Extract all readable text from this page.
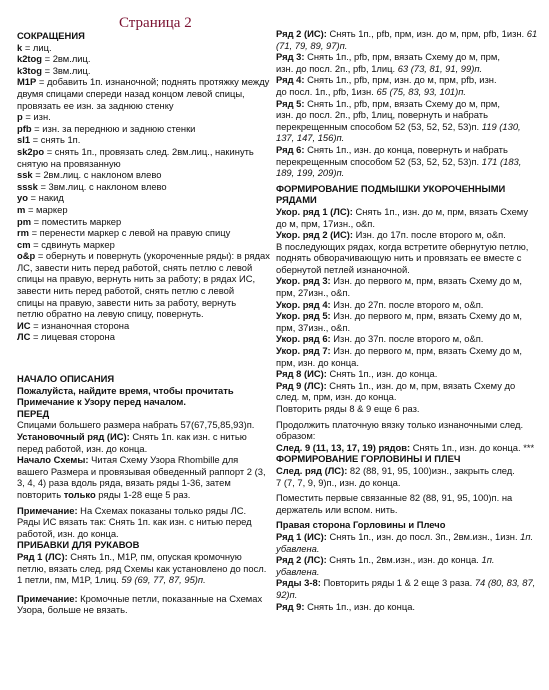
Страница 2
СОКРАЩЕНИЯ
k = лиц.
k2tog = 2вм.лиц.
k3tog = 3вм.лиц.
M1P = добавить 1п. изнаночной; поднять протяжку между
двумя спицами спереди назад концом левой спицы,
провязать ее изн. за заднюю стенку
p = изн.
pfb = изн. за переднюю и заднюю стенки
sl1 = снять 1п.
sk2po = снять 1п., провязать след. 2вм.лиц., накинуть
снятую на провязанную
ssk = 2вм.лиц. с наклоном влево
sssk = 3вм.лиц. с наклоном влево
yo = накид
m = маркер
pm = поместить маркер
rm = перенести маркер с левой на правую спицу
cm = сдвинуть маркер
o&p = обернуть и повернуть (укороченные ряды): в рядах
ЛС, завести нить перед работой, снять петлю с левой
спицы на правую, вернуть нить за работу; в рядах ИС,
завести нить перед работой, снять петлю с левой
спицы на правую, завести нить за работу, вернуть
петлю обратно на левую спицу, повернуть.
ИС = изнаночная сторона
ЛС = лицевая сторона
НАЧАЛО ОПИСАНИЯ
Пожалуйста, найдите время, чтобы прочитать
Примечание к Узору перед началом.
ПЕРЕД
Спицами большего размера набрать 57(67,75,85,93)п.
Установочный ряд (ИС): Снять 1п. как изн. с нитью
перед работой, изн. до конца.
Начало Схемы: Читая Схему Узора Rhombille для
вашего Размера и провязывая обведенный раппорт 2 (3,
3, 4, 4) раза вдоль ряда, вязать ряды 1-36, затем
повторить только ряды 1-28 еще 5 раз.
Примечание: На Схемах показаны только ряды ЛС.
Ряды ИС вязать так: Снять 1п. как изн. с нитью перед
работой, изн. до конца.
ПРИБАВКИ ДЛЯ РУКАВОВ
Ряд 1 (ЛС): Снять 1п., M1P, пм, опуская кромочную
петлю, вязать след. ряд Схемы как установлено до посл.
1 петли, пм, M1P, 1лиц. 59 (69, 77, 87, 95)п.
Примечание: Кромочные петли, показанные на Схемах
Узора, больше не вязать.
Ряд 2 (ИС): Снять 1п., pfb, прм, изн. до м, прм, pfb, 1изн. 61
(71, 79, 89, 97)п.
Ряд 3: Снять 1п., pfb, прм, вязать Схему до м, прм,
изн. до посл. 2п., pfb, 1лиц. 63 (73, 81, 91, 99)п.
Ряд 4: Снять 1п., pfb, прм, изн. до м, прм, pfb, изн.
до посл. 1п., pfb, 1изн. 65 (75, 83, 93, 101)п.
Ряд 5: Снять 1п., pfb, прм, вязать Схему до м, прм,
изн. до посл. 2п., pfb, 1лиц, повернуть и набрать
перекрещенным способом 52 (53, 52, 52, 53)п. 119 (130,
137, 147, 156)п.
Ряд 6: Снять 1п., изн. до конца, повернуть и набрать
перекрещенным способом 52 (53, 52, 52, 53)п. 171 (183,
189, 199, 209)п.
ФОРМИРОВАНИЕ ПОДМЫШКИ УКОРОЧЕННЫМИ
РЯДАМИ
Укор. ряд 1 (ЛС): Снять 1п., изн. до м, прм, вязать Схему
до м, прм, 17изн., o&п.
Укор. ряд 2 (ИС): Изн. до 17п. после второго м, o&п.
В последующих рядах, когда встретите обернутую петлю,
поднять обворачивающую нить и провязать ее вместе с
обернутой петлей изнаночной.
Укор. ряд 3: Изн. до первого м, прм, вязать Схему до м,
прм, 27изн., o&п.
Укор. ряд 4: Изн. до 27п. после второго м, o&п.
Укор. ряд 5: Изн. до первого м, прм, вязать Схему до м,
прм, 37изн., o&п.
Укор. ряд 6: Изн. до 37п. после второго м, o&п.
Укор. ряд 7: Изн. до первого м, прм, вязать Схему до м,
прм, изн. до конца.
Ряд 8 (ИС): Снять 1п., изн. до конца.
Ряд 9 (ЛС): Снять 1п., изн. до м, прм, вязать Схему до
след. м, прм, изн. до конца.
Повторить ряды 8 & 9 еще 6 раз.
Продолжить платочную вязку только изнаночными след.
образом:
След. 9 (11, 13, 17, 19) рядов: Снять 1п., изн. до конца. ***
ФОРМИРОВАНИЕ ГОРЛОВИНЫ И ПЛЕЧ
След. ряд (ЛС): 82 (88, 91, 95, 100)изн., закрыть след.
7 (7, 7, 9, 9)п., изн. до конца.
Поместить первые связанные 82 (88, 91, 95, 100)п. на
держатель или вспом. нить.
Правая сторона Горловины и Плечо
Ряд 1 (ИС): Снять 1п., изн. до посл. 3п., 2вм.изн., 1изн. 1п.
убавлена.
Ряд 2 (ЛС): Снять 1п., 2вм.изн., изн. до конца. 1п.
убавлена.
Ряды 3-8: Повторить ряды 1 & 2 еще 3 раза. 74 (80, 83, 87,
92)п.
Ряд 9: Снять 1п., изн. до конца.
